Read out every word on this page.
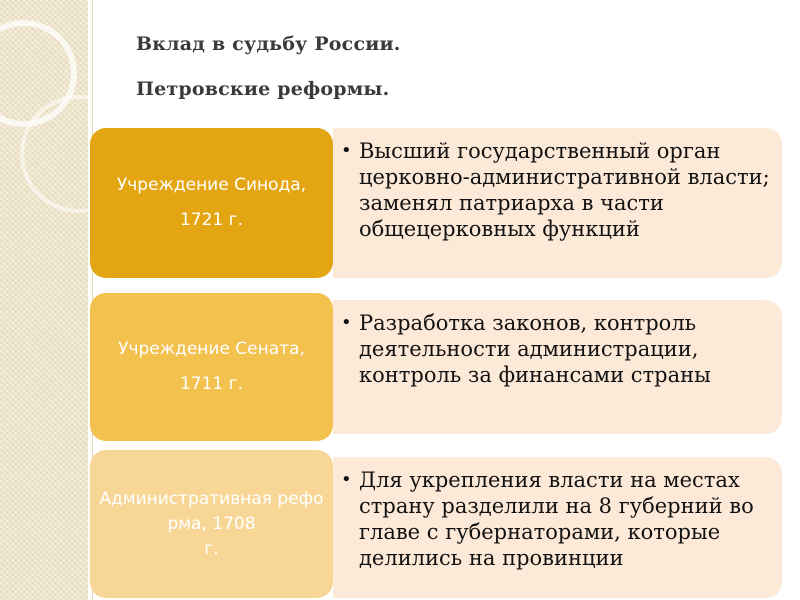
Вклад в судьбу России.
Петровские реформы.
Учреждение Синода,
1721 г.
• Высший государственный орган церковно-административной власти; заменял патриарха в части общецерковных функций
Учреждение Сената,
1711 г.
• Разработка законов, контроль деятельности администрации, контроль за финансами страны
Административная реформа, 1708
г.
• Для укрепления власти на местах страну разделили на 8 губерний во главе с губернаторами, которые делились на провинции
